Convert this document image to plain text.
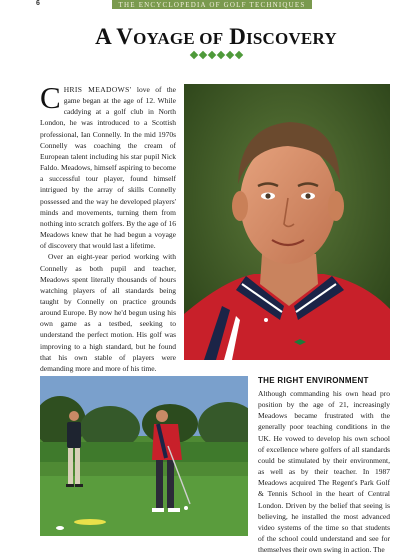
6	THE ENCYCLOPEDIA OF GOLF TECHNIQUES
A VOYAGE OF DISCOVERY

CHRIS MEADOWS' love of the game began at the age of 12. While caddying at a golf club in North London, he was introduced to a Scottish professional, Ian Connelly. In the mid 1970s Connelly was coaching the cream of European talent including his star pupil Nick Faldo. Meadows, himself aspiring to become a successful tour player, found himself intrigued by the array of skills Connelly possessed and the way he developed players' minds and movements, turning them from nothing into scratch golfers. By the age of 16 Meadows knew that he had begun a voyage of discovery that would last a lifetime.

Over an eight-year period working with Connelly as both pupil and teacher, Meadows spent literally thousands of hours watching players of all standards being taught by Connelly on practice grounds around Europe. By now he'd begun using his own game as a testbed, seeking to understand the perfect motion. His golf was improving to a high standard, but he found that his own stable of players were demanding more and more of his time.

THE RIGHT ENVIRONMENT

Although commanding his own head pro position by the age of 21, increasingly Meadows became frustrated with the generally poor teaching conditions in the UK. He vowed to develop his own school of excellence where golfers of all standards could be stimulated by their environment, as well as by their teacher. In 1987 Meadows acquired The Regent's Park Golf & Tennis School in the heart of Central London. Driven by the belief that seeing is believing, he installed the most advanced video systems of the time so that students of the school could understand and see for themselves their own swing in action. The
